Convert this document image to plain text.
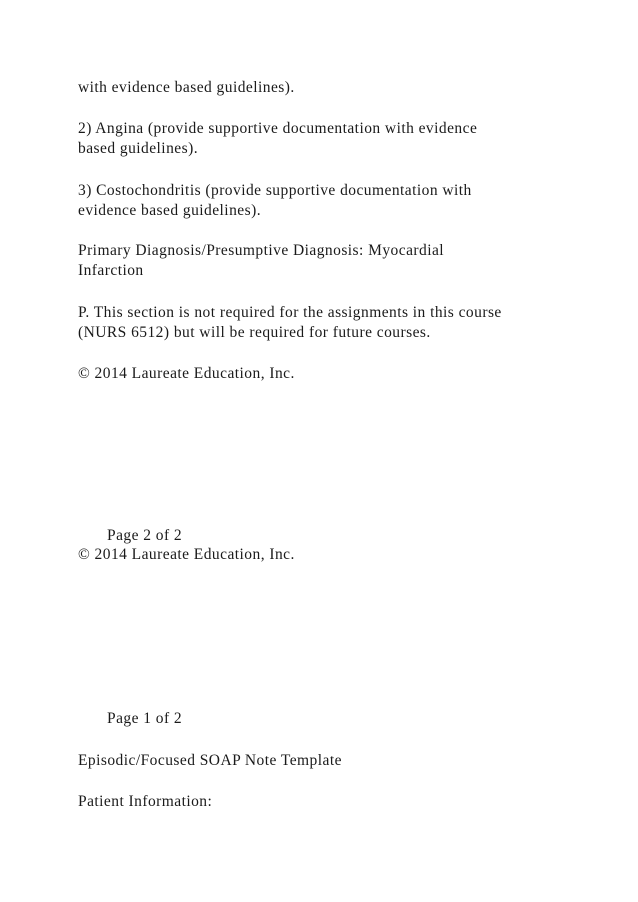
with evidence based guidelines).
2) Angina (provide supportive documentation with evidence
based guidelines).
3) Costochondritis (provide supportive documentation with
evidence based guidelines).
Primary Diagnosis/Presumptive Diagnosis: Myocardial
Infarction
P. This section is not required for the assignments in this course
(NURS 6512) but will be required for future courses.
© 2014 Laureate Education, Inc.
Page 2 of 2
© 2014 Laureate Education, Inc.
Page 1 of 2
Episodic/Focused SOAP Note Template
Patient Information:
